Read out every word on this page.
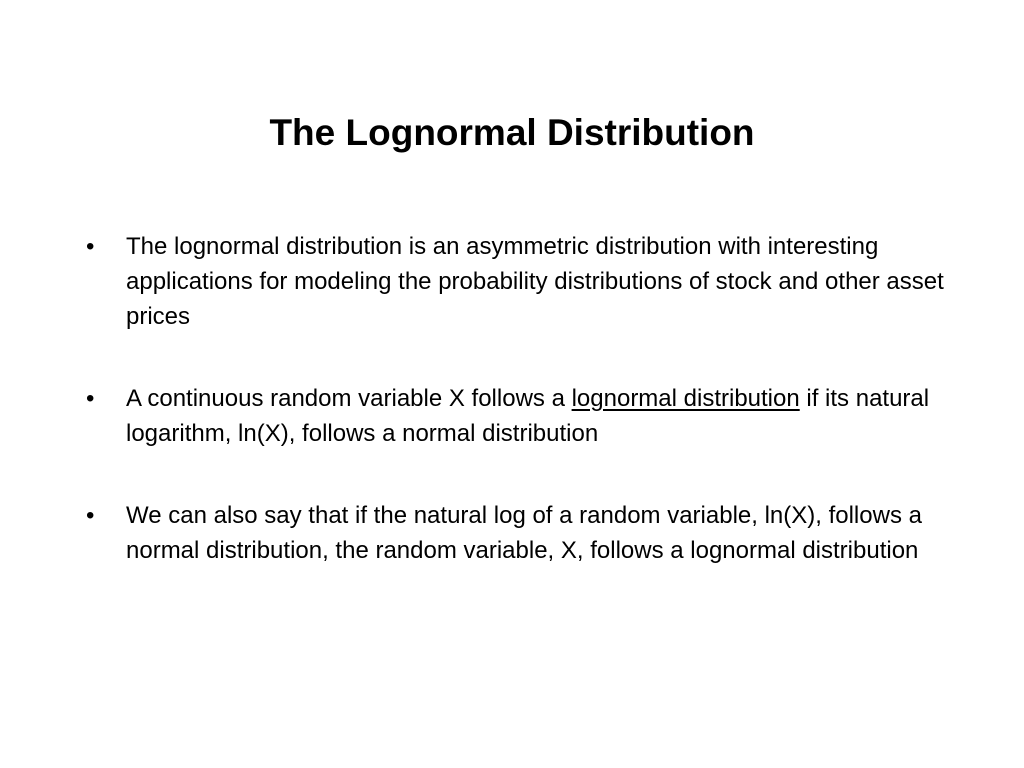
The Lognormal Distribution
•	The lognormal distribution is an asymmetric distribution with interesting applications for modeling the probability distributions of stock and other asset prices
•	A continuous random variable X follows a lognormal distribution if its natural logarithm, ln(X), follows a normal distribution
•	We can also say that if the natural log of a random variable, ln(X), follows a normal distribution, the random variable, X, follows a lognormal distribution
